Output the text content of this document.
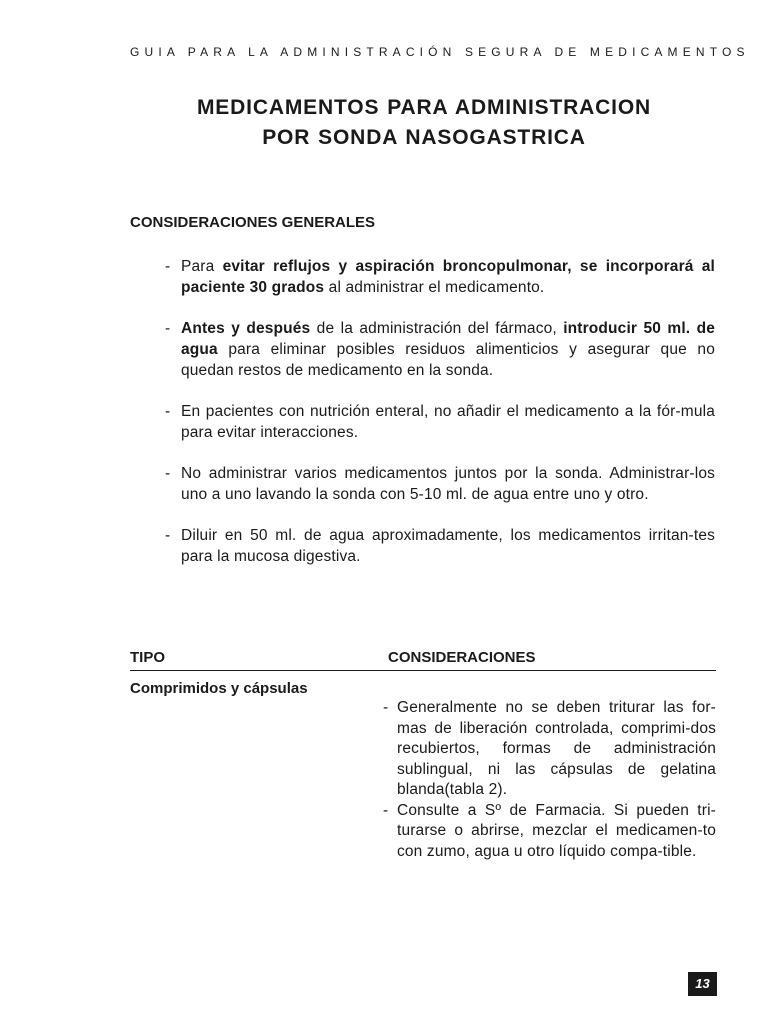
GUIA PARA LA ADMINISTRACIÓN SEGURA DE MEDICAMENTOS
MEDICAMENTOS PARA ADMINISTRACION
POR SONDA NASOGASTRICA
CONSIDERACIONES GENERALES
- Para evitar reflujos y aspiración broncopulmonar, se incorporará al paciente 30 grados al administrar el medicamento.
- Antes y después de la administración del fármaco, introducir 50 ml. de agua para eliminar posibles residuos alimenticios y asegurar que no quedan restos de medicamento en la sonda.
- En pacientes con nutrición enteral, no añadir el medicamento a la fór-mula para evitar interacciones.
- No administrar varios medicamentos juntos por la sonda. Administrar-los uno a uno lavando la sonda con 5-10 ml. de agua entre uno y otro.
- Diluir en 50 ml. de agua aproximadamente, los medicamentos irritan-tes para la mucosa digestiva.
TIPO	CONSIDERACIONES
Comprimidos y cápsulas
- Generalmente no se deben triturar las for-mas de liberación controlada, comprimi-dos recubiertos, formas de administración sublingual, ni las cápsulas de gelatina blanda(tabla 2).
- Consulte a Sº de Farmacia. Si pueden tri-turarse o abrirse, mezclar el medicamen-to con zumo, agua u otro líquido compa-tible.
13
